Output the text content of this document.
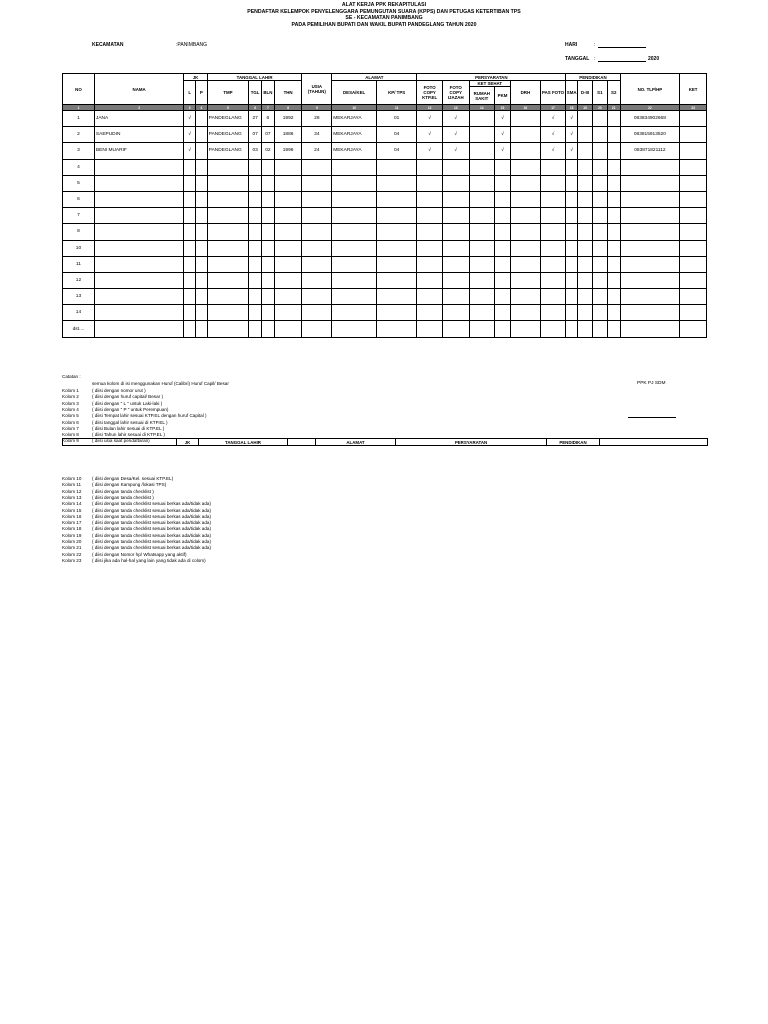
ALAT KERJA PPK REKAPITULASI
PENDAFTAR KELEMPOK PENYELENGGARA PEMUNGUTAN SUARA (KPPS) DAN PETUGAS KETERTIBAN TPS
SE - KECAMATAN PANIMBANG
PADA PEMILIHAN BUPATI DAN WAKIL BUPATI PANDEGLANG TAHUN 2020
KECAMATAN	:PANIMBANG	HARI	:
TANGGAL :	2020
NO	NAMA	JK		TANGGAL LAHIR				USIA (TAHUN)	ALAMAT		PERSYARATAN						PENDIDIKAN				NO. TLP/HP	KET
		L	P	TMP	TGL	BLN	THN		DESA/KEL	KP/ TPS	FOTO COPY KTP.EL	FOTO COPY IJAZAH	KET SEHAT		DRH	PAS FOTO	SMA	D-III	S1	S2		
													RUMAH SAKIT	PKM								
1	2	3	4	5	6	7	8	9	10	11	12	13	14	15	16	17	18	19	20	21	22	23
1	JANA	√		PANDEGLANG	27	6	1992	28	MEKARJAYA	01	√	√		√		√	√				083834902668	
2	SAEPUDIN	√		PANDEGLANG	07	07	1886	34	MEKARJAYA	04	√	√		√		√	√				083815913520	
3	BENI MUARIF	√		PANDEGLANG	03	02	1996	24	MEKARJAYA	04	√	√		√		√	√				083871821112	
4																						
5																						
6																						
7																						
8																						
10																						
11																						
12																						
13																						
14																						
dst....																						
Catatan :
semua kolom di isi menggunakan Huruf (Calibri) Huruf Capil/ Besar
Kolom 1	( diisi dengan nomor urut )
Kolom 2	( diisi dengan huruf capital/ Besar )
Kolom 3	( diisi dengan " L " untuk Laki-laki )
Kolom 4	( diisi dengan " P " untuk Perempuan)
Kolom 5	( diisi Tempat lahir sesuai KTP.EL dengan huruf Capital )
Kolom 6	( diisi tanggal lahir sesuai di KTP.EL )
Kolom 7	( diisi Bulan lahir sesuai di KTP.EL )
Kolom 8	( diisi Tahun lahir sesuai di KTP.EL )
Kolom 9	( diisi usia saat pendaftaran)
Kolom 10 ( diisi dengan Desa/Kel. sesuai KTP.EL)
Kolom 11 ( diisi dengan Kampung /lokasi TPS)
Kolom 12 ( diisi dengan tanda checklist )
Kolom 13 ( diisi dengan tanda checklist )
Kolom 14 ( diisi dengan tanda checklist sesuai berkas ada/tidak ada)
Kolom 15 ( diisi dengan tanda checklist sesuai berkas ada/tidak ada)
Kolom 16 ( diisi dengan tanda checklist sesuai berkas ada/tidak ada)
Kolom 17 ( diisi dengan tanda checklist sesuai berkas ada/tidak ada)
Kolom 18 ( diisi dengan tanda checklist sesuai berkas ada/tidak ada)
Kolom 19 ( diisi dengan tanda checklist sesuai berkas ada/tidak ada)
Kolom 20 ( diisi dengan tanda checklist sesuai berkas ada/tidak ada)
Kolom 21 ( diisi dengan tanda checklist sesuai berkas ada/tidak ada)
Kolom 22 ( diisi dengan Nomor hp/ Whatsapp yang aktif)
Kolom 23 ( diisi jika ada hal-hal yang lain yang tidak ada di colom)
PPK PJ SDM
	JK	TANGGAL LAHIR		ALAMAT	PERSYARATAN	PENDIDIKAN	
